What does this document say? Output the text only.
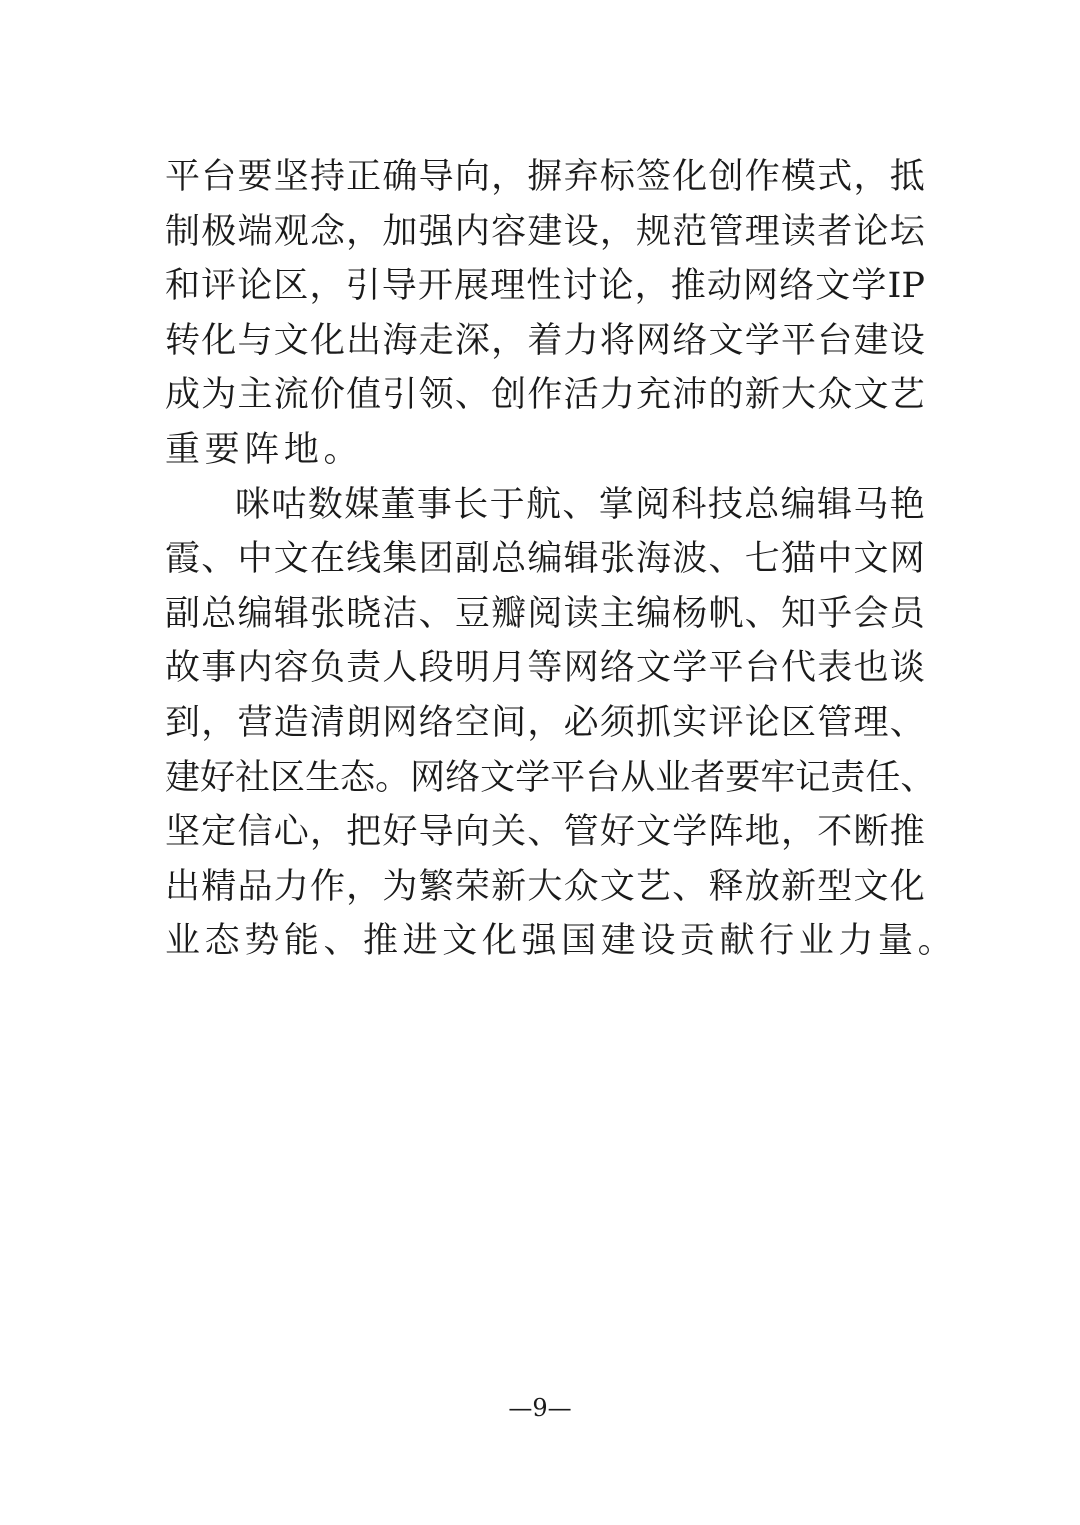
平 台 要 坚 持 正 确 导 向 ， 摒 弃 标 签 化 创 作 模 式 ， 抵
制 极 端 观 念 ， 加 强 内 容 建 设 ， 规 范 管 理 读 者 论 坛
和 评 论 区 ， 引 导 开 展 理 性 讨 论 ， 推 动 网 络 文 学 IP
转 化 与 文 化 出 海 走 深 ， 着 力 将 网 络 文 学 平 台 建 设
成 为 主 流 价 值 引 领 、 创 作 活 力 充 沛 的 新 大 众 文 艺
重 要 阵 地 。
咪 咕 数 媒 董 事 长 于 航 、 掌 阅 科 技 总 编 辑 马 艳
霞 、 中 文 在 线 集 团 副 总 编 辑 张 海 波 、 七 猫 中 文 网
副 总 编 辑 张 晓 洁 、 豆 瓣 阅 读 主 编 杨 帆 、 知 乎 会 员
故 事 内 容 负 责 人 段 明 月 等 网 络 文 学 平 台 代 表 也 谈
到 ， 营 造 清 朗 网 络 空 间 ， 必 须 抓 实 评 论 区 管 理 、
建 好 社 区 生 态 。 网 络 文 学 平 台 从 业 者 要 牢 记 责 任 、
坚 定 信 心 ， 把 好 导 向 关 、 管 好 文 学 阵 地 ， 不 断 推
出 精 品 力 作 ， 为 繁 荣 新 大 众 文 艺 、 释 放 新 型 文 化
业 态 势 能 、 推 进 文 化 强 国 建 设 贡 献 行 业 力 量 。
—9—
